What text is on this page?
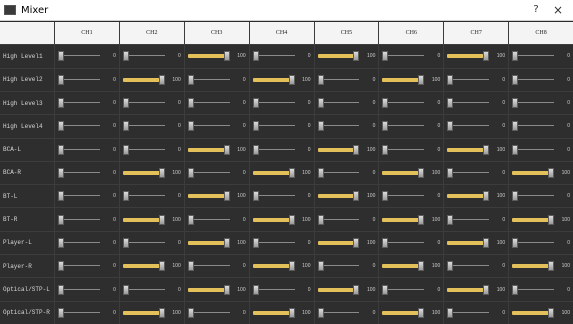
Mixer	?	×
CH1	CH2	CH3	CH4	CH5	CH6	CH7	CH8
High Level1	0	0	100	0	100	0	100	0
High Level2	0	100	0	100	0	100	0	0
High Level3	0	0	0	0	0	0	0	0
High Level4	0	0	0	0	0	0	0	0
BCA-L	0	0	100	0	100	0	100	0
BCA-R	0	100	0	100	0	100	0	100
BT-L	0	0	100	0	100	0	100	0
BT-R	0	100	0	100	0	100	0	100
Player-L	0	0	100	0	100	0	100	0
Player-R	0	100	0	100	0	100	0	100
Optical/STP-L	0	0	100	0	100	0	100	0
Optical/STP-R	0	100	0	100	0	100	0	100
